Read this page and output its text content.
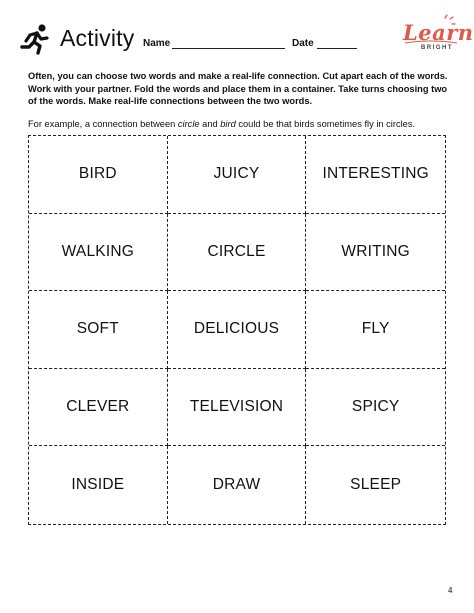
Activity Name	Date	Learn
BRIGHT
Often, you can choose two words and make a real-life connection. Cut apart each of the words. Work with your partner. Fold the words and place them in a container. Take turns choosing two of the words. Make real-life connections between the two words.
For example, a connection between circle and bird could be that birds sometimes fly in circles.
BIRD	JUICY	INTERESTING
WALKING	CIRCLE	WRITING
SOFT	DELICIOUS	FLY
CLEVER	TELEVISION	SPICY
INSIDE	DRAW	SLEEP
4
